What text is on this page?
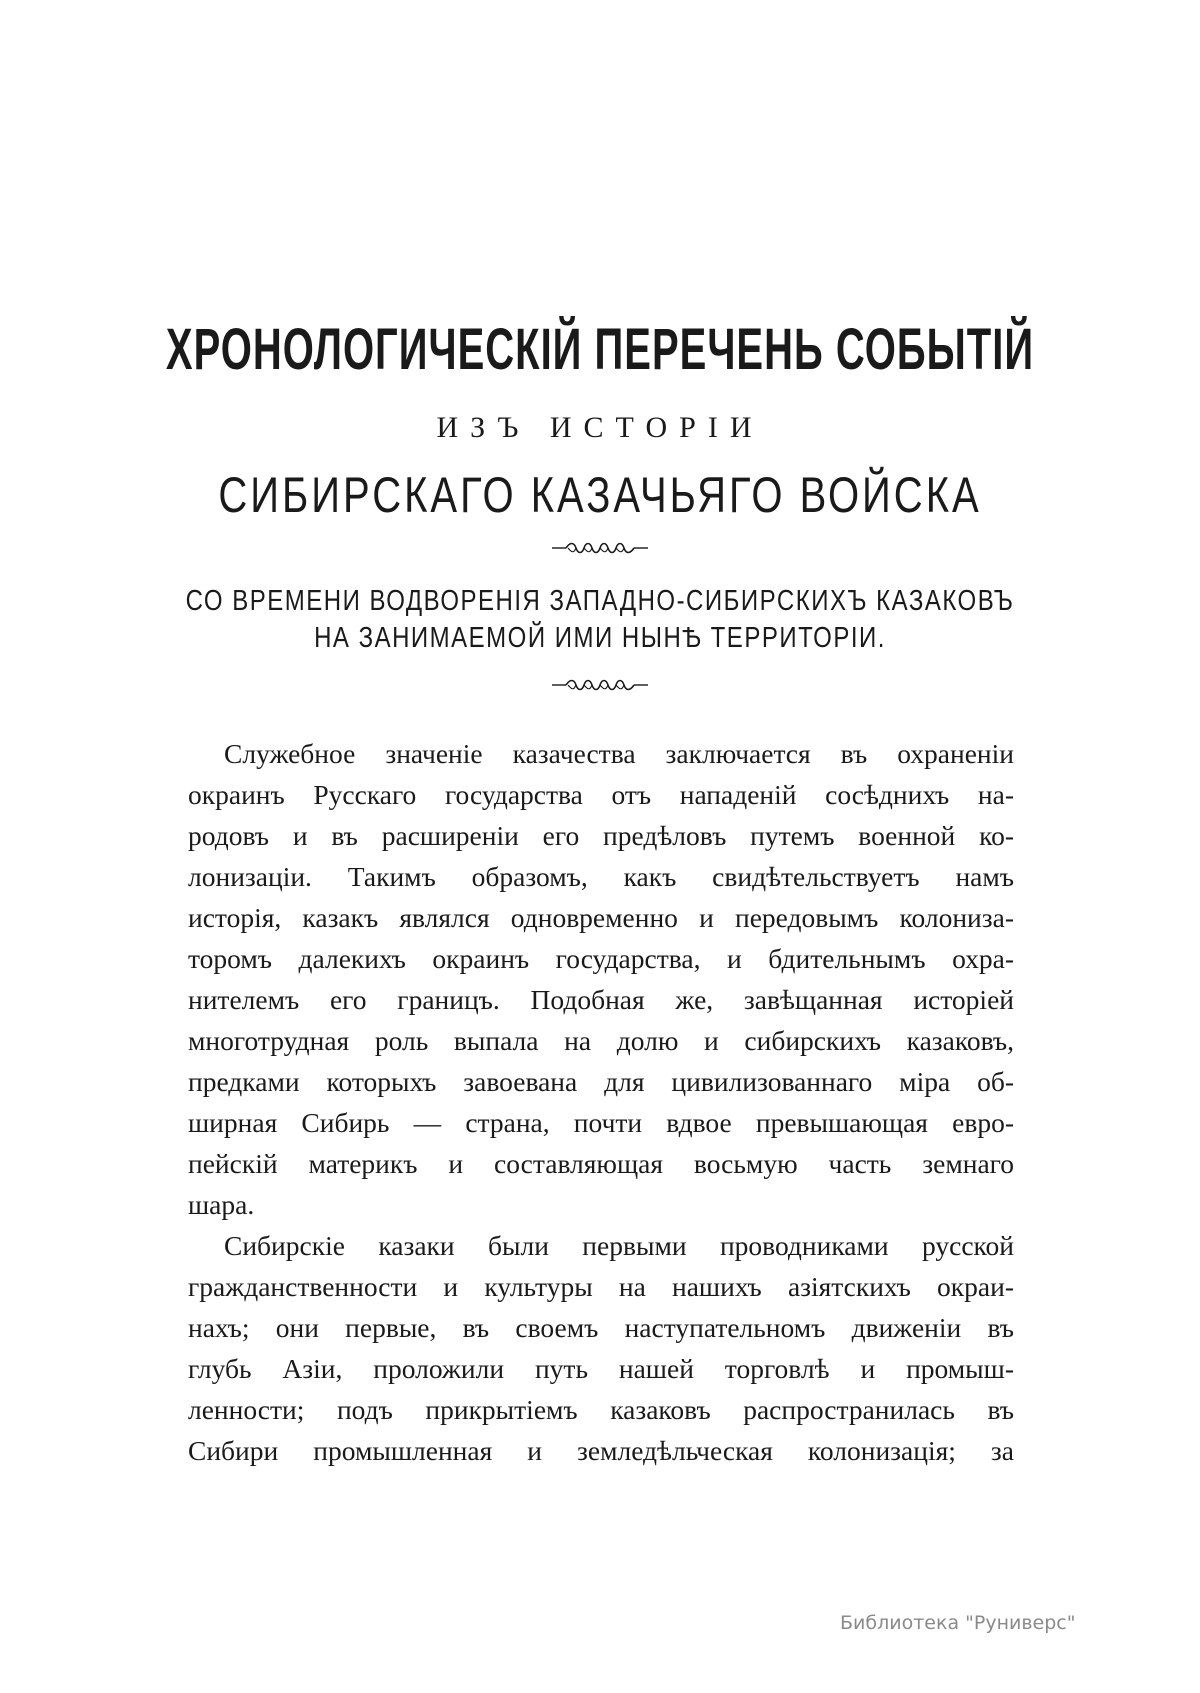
ХРОНОЛОГИЧЕСКІЙ ПЕРЕЧЕНЬ СОБЫТІЙ
ИЗЪ ИСТОРІИ
СИБИРСКАГО КАЗАЧЬЯГО ВОЙСКА
СО ВРЕМЕНИ ВОДВОРЕНІЯ ЗАПАДНО-СИБИРСКИХЪ КАЗАКОВЪ
НА ЗАНИМАЕМОЙ ИМИ НЫНѢ ТЕРРИТОРІИ.
Служебное значеніе казачества заключается въ охраненіи
окраинъ Русскаго государства отъ нападеній сосѣднихъ на-
родовъ и въ расширеніи его предѣловъ путемъ военной ко-
лонизаціи. Такимъ образомъ, какъ свидѣтельствуетъ намъ
исторія, казакъ являлся одновременно и передовымъ колониза-
торомъ далекихъ окраинъ государства, и бдительнымъ охра-
нителемъ его границъ. Подобная же, завѣщанная исторіей
многотрудная роль выпала на долю и сибирскихъ казаковъ,
предками которыхъ завоевана для цивилизованнаго міра об-
ширная Сибирь — страна, почти вдвое превышающая евро-
пейскій материкъ и составляющая восьмую часть земнаго
шара.
Сибирскіе казаки были первыми проводниками русской
гражданственности и культуры на нашихъ азіятскихъ окраи-
нахъ; они первые, въ своемъ наступательномъ движеніи въ
глубь Азіи, проложили путь нашей торговлѣ и промыш-
ленности; подъ прикрытіемъ казаковъ распространилась въ
Сибири промышленная и земледѣльческая колонизація; за
Библиотека "Руниверс"
